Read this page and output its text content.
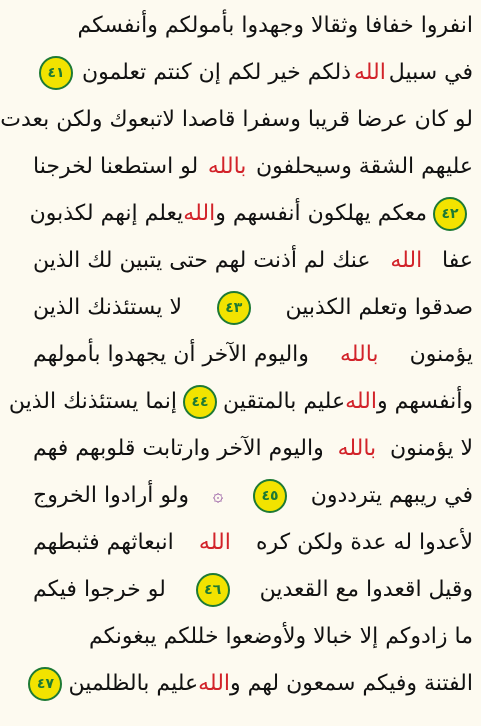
انفروا خفافا وثقالا وجهدوا بأمولكم وأنفسكم
في سبيل
الله
ذلكم خير لكم إن كنتم تعلمون
٤١
لو كان عرضا قريبا وسفرا قاصدا لاتبعوك ولكن بعدت
عليهم الشقة وسيحلفون
بالله
لو استطعنا لخرجنا
٤٢
معكم يهلكون أنفسهم و
الله
يعلم إنهم لكذبون
عفا
الله
عنك لم أذنت لهم حتى يتبين لك الذين
صدقوا وتعلم الكذبين
٤٣
لا يستئذنك الذين
يؤمنون
بالله
واليوم الآخر أن يجهدوا بأمولهم
وأنفسهم و
الله
عليم بالمتقين
٤٤
إنما يستئذنك الذين
لا يؤمنون
بالله
واليوم الآخر وارتابت قلوبهم فهم
في ريبهم يترددون
٤٥
۞
ولو أرادوا الخروج
لأعدوا له عدة ولكن كره
الله
انبعاثهم فثبطهم
وقيل اقعدوا مع القعدين
٤٦
لو خرجوا فيكم
ما زادوكم إلا خبالا ولأوضعوا خللكم يبغونكم
الفتنة وفيكم سمعون لهم و
الله
عليم بالظلمين
٤٧
